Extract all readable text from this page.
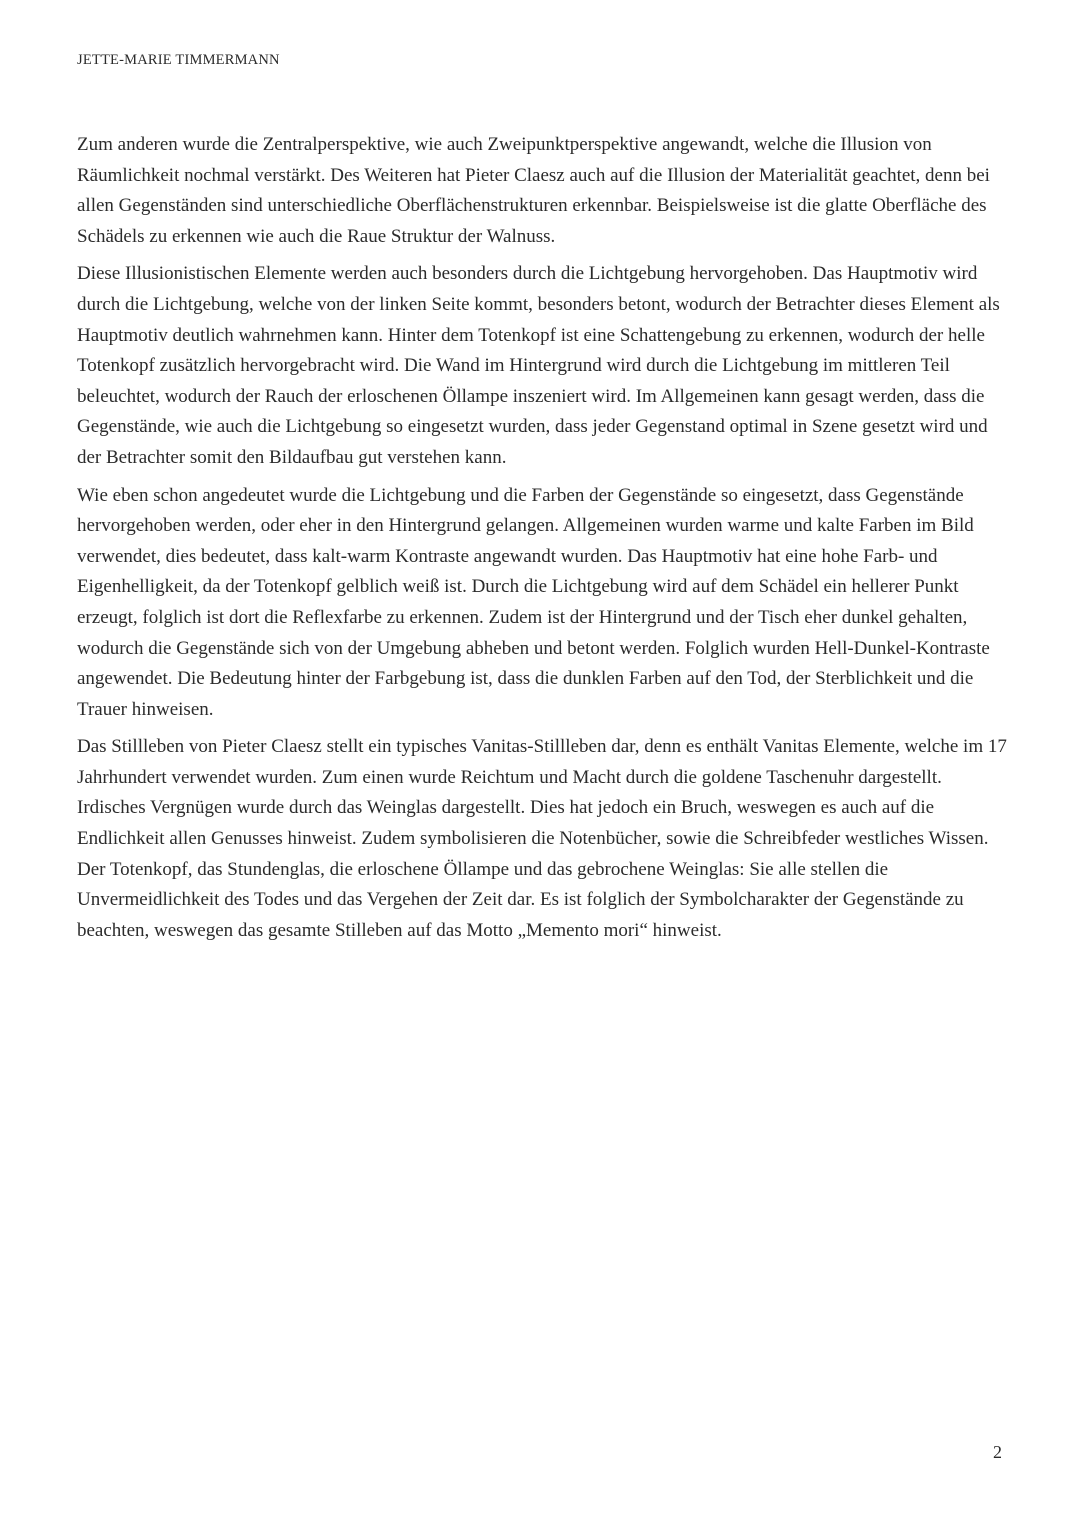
JETTE-MARIE TIMMERMANN

Zum anderen wurde die Zentralperspektive, wie auch Zweipunktperspektive angewandt, welche die Illusion von Räumlichkeit nochmal verstärkt. Des Weiteren hat Pieter Claesz auch auf die Illusion der Materialität geachtet, denn bei allen Gegenständen sind unterschiedliche Oberflächenstrukturen erkennbar. Beispielsweise ist die glatte Oberfläche des Schädels zu erkennen wie auch die Raue Struktur der Walnuss.

Diese Illusionistischen Elemente werden auch besonders durch die Lichtgebung hervorgehoben. Das Hauptmotiv wird durch die Lichtgebung, welche von der linken Seite kommt, besonders betont, wodurch der Betrachter dieses Element als Hauptmotiv deutlich wahrnehmen kann. Hinter dem Totenkopf ist eine Schattengebung zu erkennen, wodurch der helle Totenkopf zusätzlich hervorgebracht wird. Die Wand im Hintergrund wird durch die Lichtgebung im mittleren Teil beleuchtet, wodurch der Rauch der erloschenen Öllampe inszeniert wird. Im Allgemeinen kann gesagt werden, dass die Gegenstände, wie auch die Lichtgebung so eingesetzt wurden, dass jeder Gegenstand optimal in Szene gesetzt wird und der Betrachter somit den Bildaufbau gut verstehen kann.

Wie eben schon angedeutet wurde die Lichtgebung und die Farben der Gegenstände so eingesetzt, dass Gegenstände hervorgehoben werden, oder eher in den Hintergrund gelangen. Allgemeinen wurden warme und kalte Farben im Bild verwendet, dies bedeutet, dass kalt-warm Kontraste angewandt wurden. Das Hauptmotiv hat eine hohe Farb- und Eigenhelligkeit, da der Totenkopf gelblich weiß ist. Durch die Lichtgebung wird auf dem Schädel ein hellerer Punkt erzeugt, folglich ist dort die Reflexfarbe zu erkennen. Zudem ist der Hintergrund und der Tisch eher dunkel gehalten, wodurch die Gegenstände sich von der Umgebung abheben und betont werden. Folglich wurden Hell-Dunkel-Kontraste angewendet. Die Bedeutung hinter der Farbgebung ist, dass die dunklen Farben auf den Tod, der Sterblichkeit und die Trauer hinweisen.

Das Stillleben von Pieter Claesz stellt ein typisches Vanitas-Stillleben dar, denn es enthält Vanitas Elemente, welche im 17 Jahrhundert verwendet wurden. Zum einen wurde Reichtum und Macht durch die goldene Taschenuhr dargestellt. Irdisches Vergnügen wurde durch das Weinglas dargestellt. Dies hat jedoch ein Bruch, weswegen es auch auf die Endlichkeit allen Genusses hinweist. Zudem symbolisieren die Notenbücher, sowie die Schreibfeder westliches Wissen. Der Totenkopf, das Stundenglas, die erloschene Öllampe und das gebrochene Weinglas: Sie alle stellen die Unvermeidlichkeit des Todes und das Vergehen der Zeit dar. Es ist folglich der Symbolcharakter der Gegenstände zu beachten, weswegen das gesamte Stilleben auf das Motto „Memento mori“ hinweist.

2
